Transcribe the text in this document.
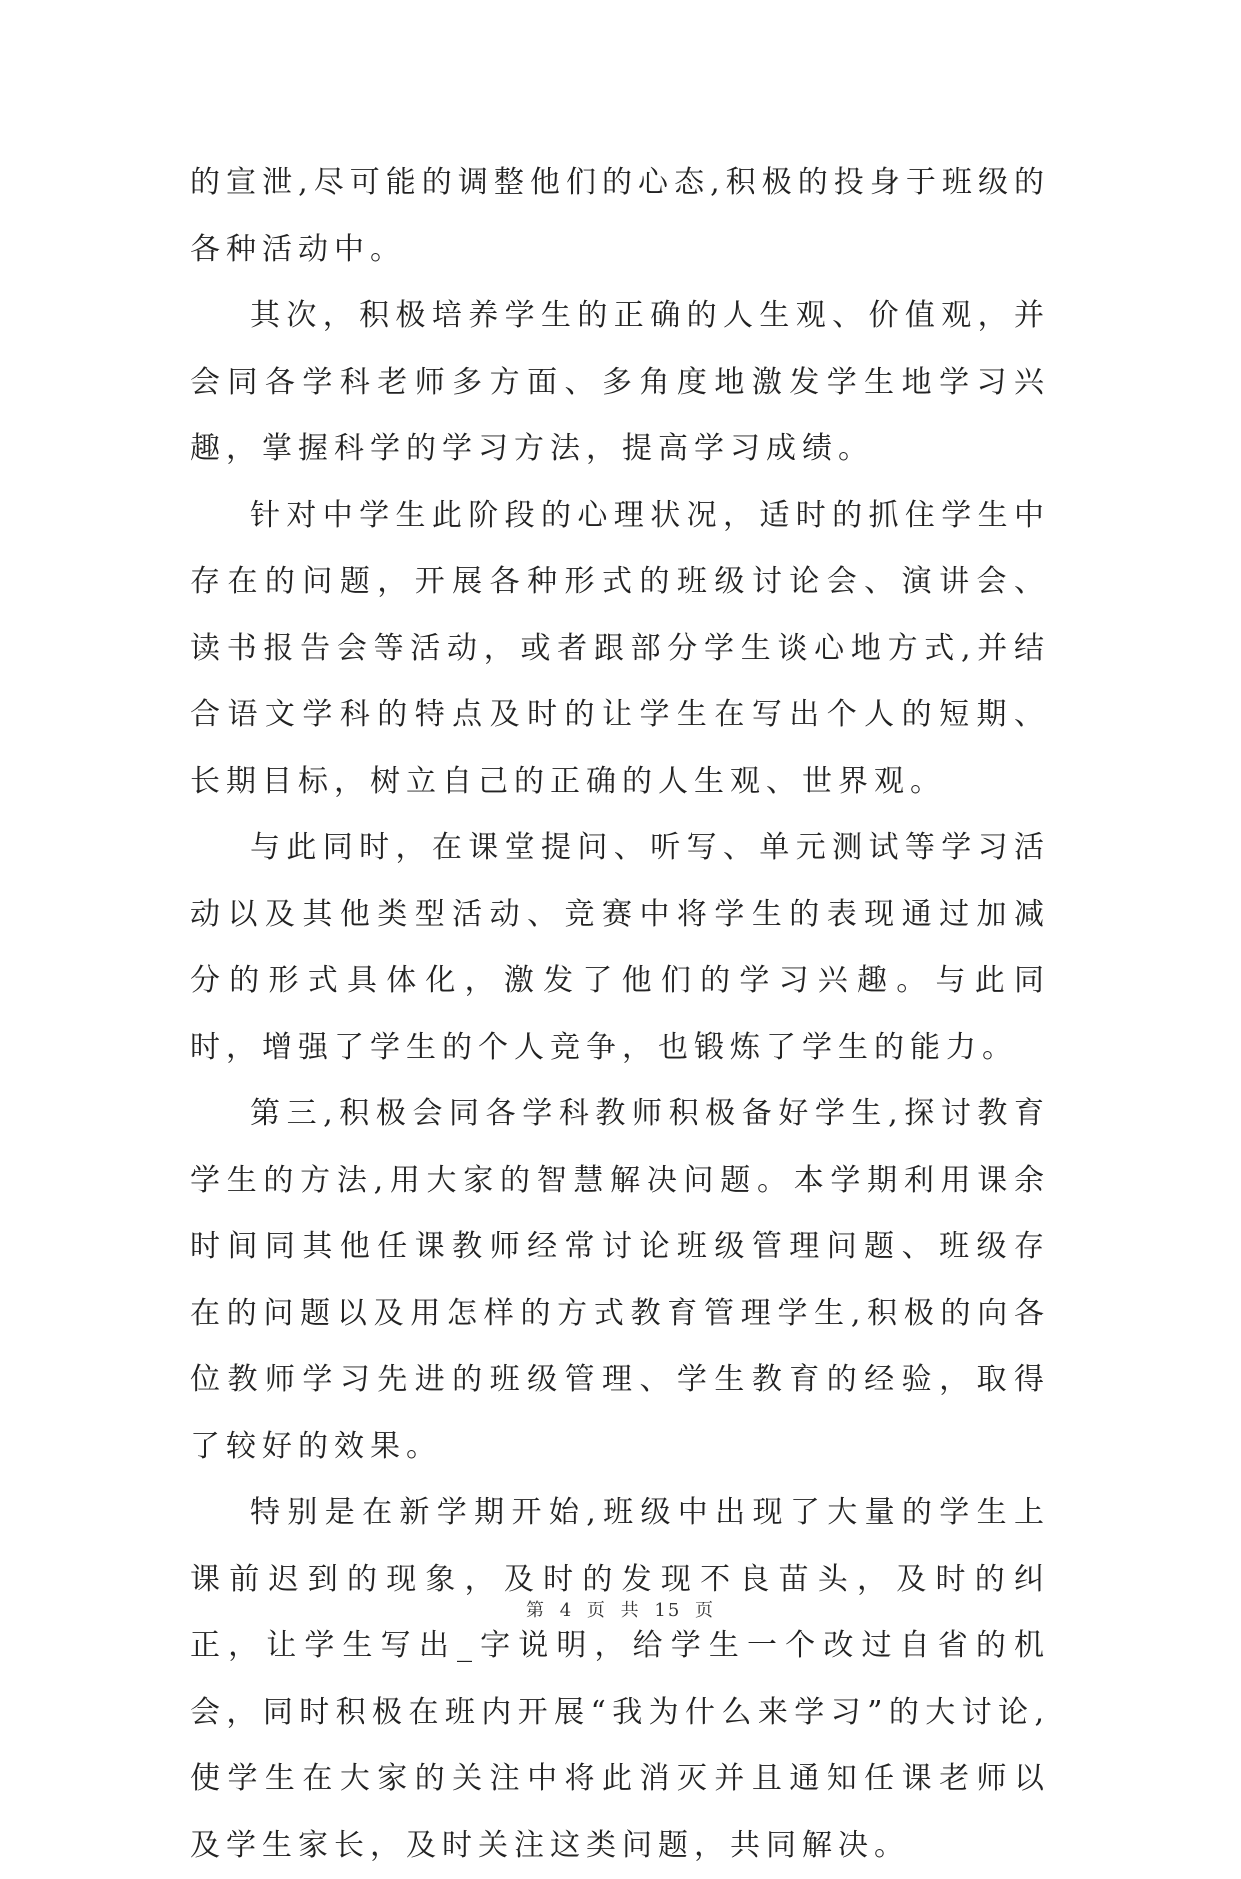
的宣泄,尽可能的调整他们的心态,积极的投身于班级的各种活动中。

其次，积极培养学生的正确的人生观、价值观，并会同各学科老师多方面、多角度地激发学生地学习兴趣，掌握科学的学习方法，提高学习成绩。

针对中学生此阶段的心理状况，适时的抓住学生中存在的问题，开展各种形式的班级讨论会、演讲会、读书报告会等活动，或者跟部分学生谈心地方式,并结合语文学科的特点及时的让学生在写出个人的短期、长期目标，树立自己的正确的人生观、世界观。

与此同时，在课堂提问、听写、单元测试等学习活动以及其他类型活动、竞赛中将学生的表现通过加减分的形式具体化，激发了他们的学习兴趣。与此同时，增强了学生的个人竞争，也锻炼了学生的能力。

第三,积极会同各学科教师积极备好学生,探讨教育学生的方法,用大家的智慧解决问题。本学期利用课余时间同其他任课教师经常讨论班级管理问题、班级存在的问题以及用怎样的方式教育管理学生,积极的向各位教师学习先进的班级管理、学生教育的经验，取得了较好的效果。

特别是在新学期开始,班级中出现了大量的学生上课前迟到的现象，及时的发现不良苗头，及时的纠正，让学生写出_字说明，给学生一个改过自省的机会，同时积极在班内开展“我为什么来学习”的大讨论,使学生在大家的关注中将此消灭并且通知任课老师以及学生家长，及时关注这类问题，共同解决。

第 4 页 共 15 页
